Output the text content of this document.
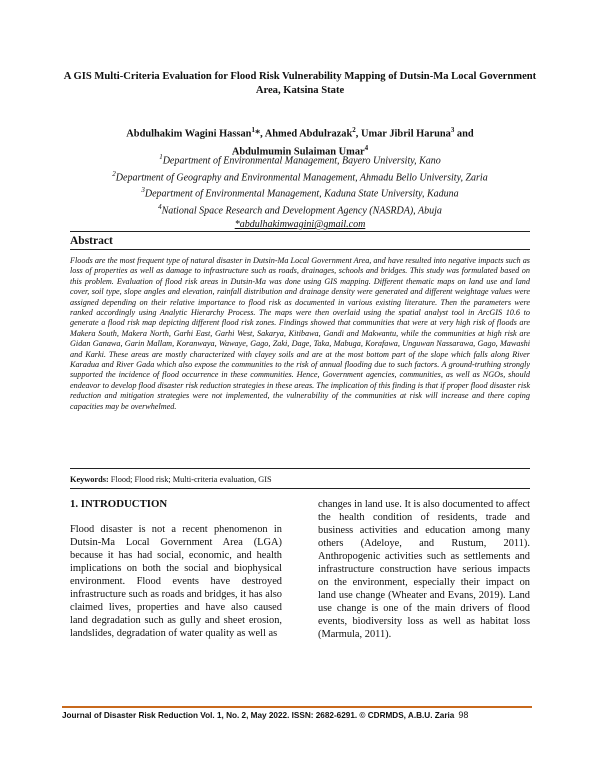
A GIS Multi-Criteria Evaluation for Flood Risk Vulnerability Mapping of Dutsin-Ma Local Government Area, Katsina State
Abdulhakim Wagini Hassan$^1$*, Ahmed Abdulrazak$^2$, Umar Jibril Haruna$^3$ and
Abdulmumin Sulaiman Umar$^4$
$^1$Department of Environmental Management, Bayero University, Kano
$^2$Department of Geography and Environmental Management, Ahmadu Bello University, Zaria
$^3$Department of Environmental Management, Kaduna State University, Kaduna
$^4$National Space Research and Development Agency (NASRDA), Abuja
*abdulhakimwagini@gmail.com
Abstract
Floods are the most frequent type of natural disaster in Dutsin-Ma Local Government Area, and have resulted into negative impacts such as loss of properties as well as damage to infrastructure such as roads, drainages, schools and bridges. This study was formulated based on this problem. Evaluation of flood risk areas in Dutsin-Ma was done using GIS mapping. Different thematic maps on land use and land cover, soil type, slope angles and elevation, rainfall distribution and drainage density were generated and different weightage values were assigned depending on their relative importance to flood risk as documented in various existing literature. Then the parameters were ranked accordingly using Analytic Hierarchy Process. The maps were then overlaid using the spatial analyst tool in ArcGIS 10.6 to generate a flood risk map depicting different flood risk zones. Findings showed that communities that were at very high risk of floods are Makera South, Makera North, Garhi East, Garhi West, Sakarya, Kitibawa, Gandi and Makwantu, while the communities at high risk are Gidan Ganawa, Garin Mallam, Koranwaya, Wawaye, Gago, Zaki, Dage, Taka, Mabuga, Korafawa, Unguwan Nassarawa, Gago, Mawashi and Karki. These areas are mostly characterized with clayey soils and are at the most bottom part of the slope which falls along River Karadua and River Gada which also expose the communities to the risk of annual flooding due to such factors. A ground-truthing strongly supported the incidence of flood occurrence in these communities. Hence, Government agencies, communities, as well as NGOs, should endeavor to develop flood disaster risk reduction strategies in these areas. The implication of this finding is that if proper flood disaster risk reduction and mitigation strategies were not implemented, the vulnerability of the communities at risk will increase and there coping capacities may be overwhelmed.
Keywords: Flood; Flood risk; Multi-criteria evaluation, GIS
1. INTRODUCTION

Flood disaster is not a recent phenomenon in Dutsin-Ma Local Government Area (LGA) because it has had social, economic, and health implications on both the social and biophysical environment. Flood events have destroyed infrastructure such as roads and bridges, it has also claimed lives, properties and have also caused land degradation such as gully and sheet erosion, landslides, degradation of water quality as well as

changes in land use. It is also documented to affect the health condition of residents, trade and business activities and education among many others (Adeloye, and Rustum, 2011). Anthropogenic activities such as settlements and infrastructure construction have serious impacts on the environment, especially their impact on land use change (Wheater and Evans, 2019). Land use change is one of the main drivers of flood events, biodiversity loss as well as habitat loss (Marmula, 2011).

Journal of Disaster Risk Reduction Vol. 1, No. 2, May 2022. ISSN: 2682-6291. © CDRMDS, A.B.U. Zaria 98
